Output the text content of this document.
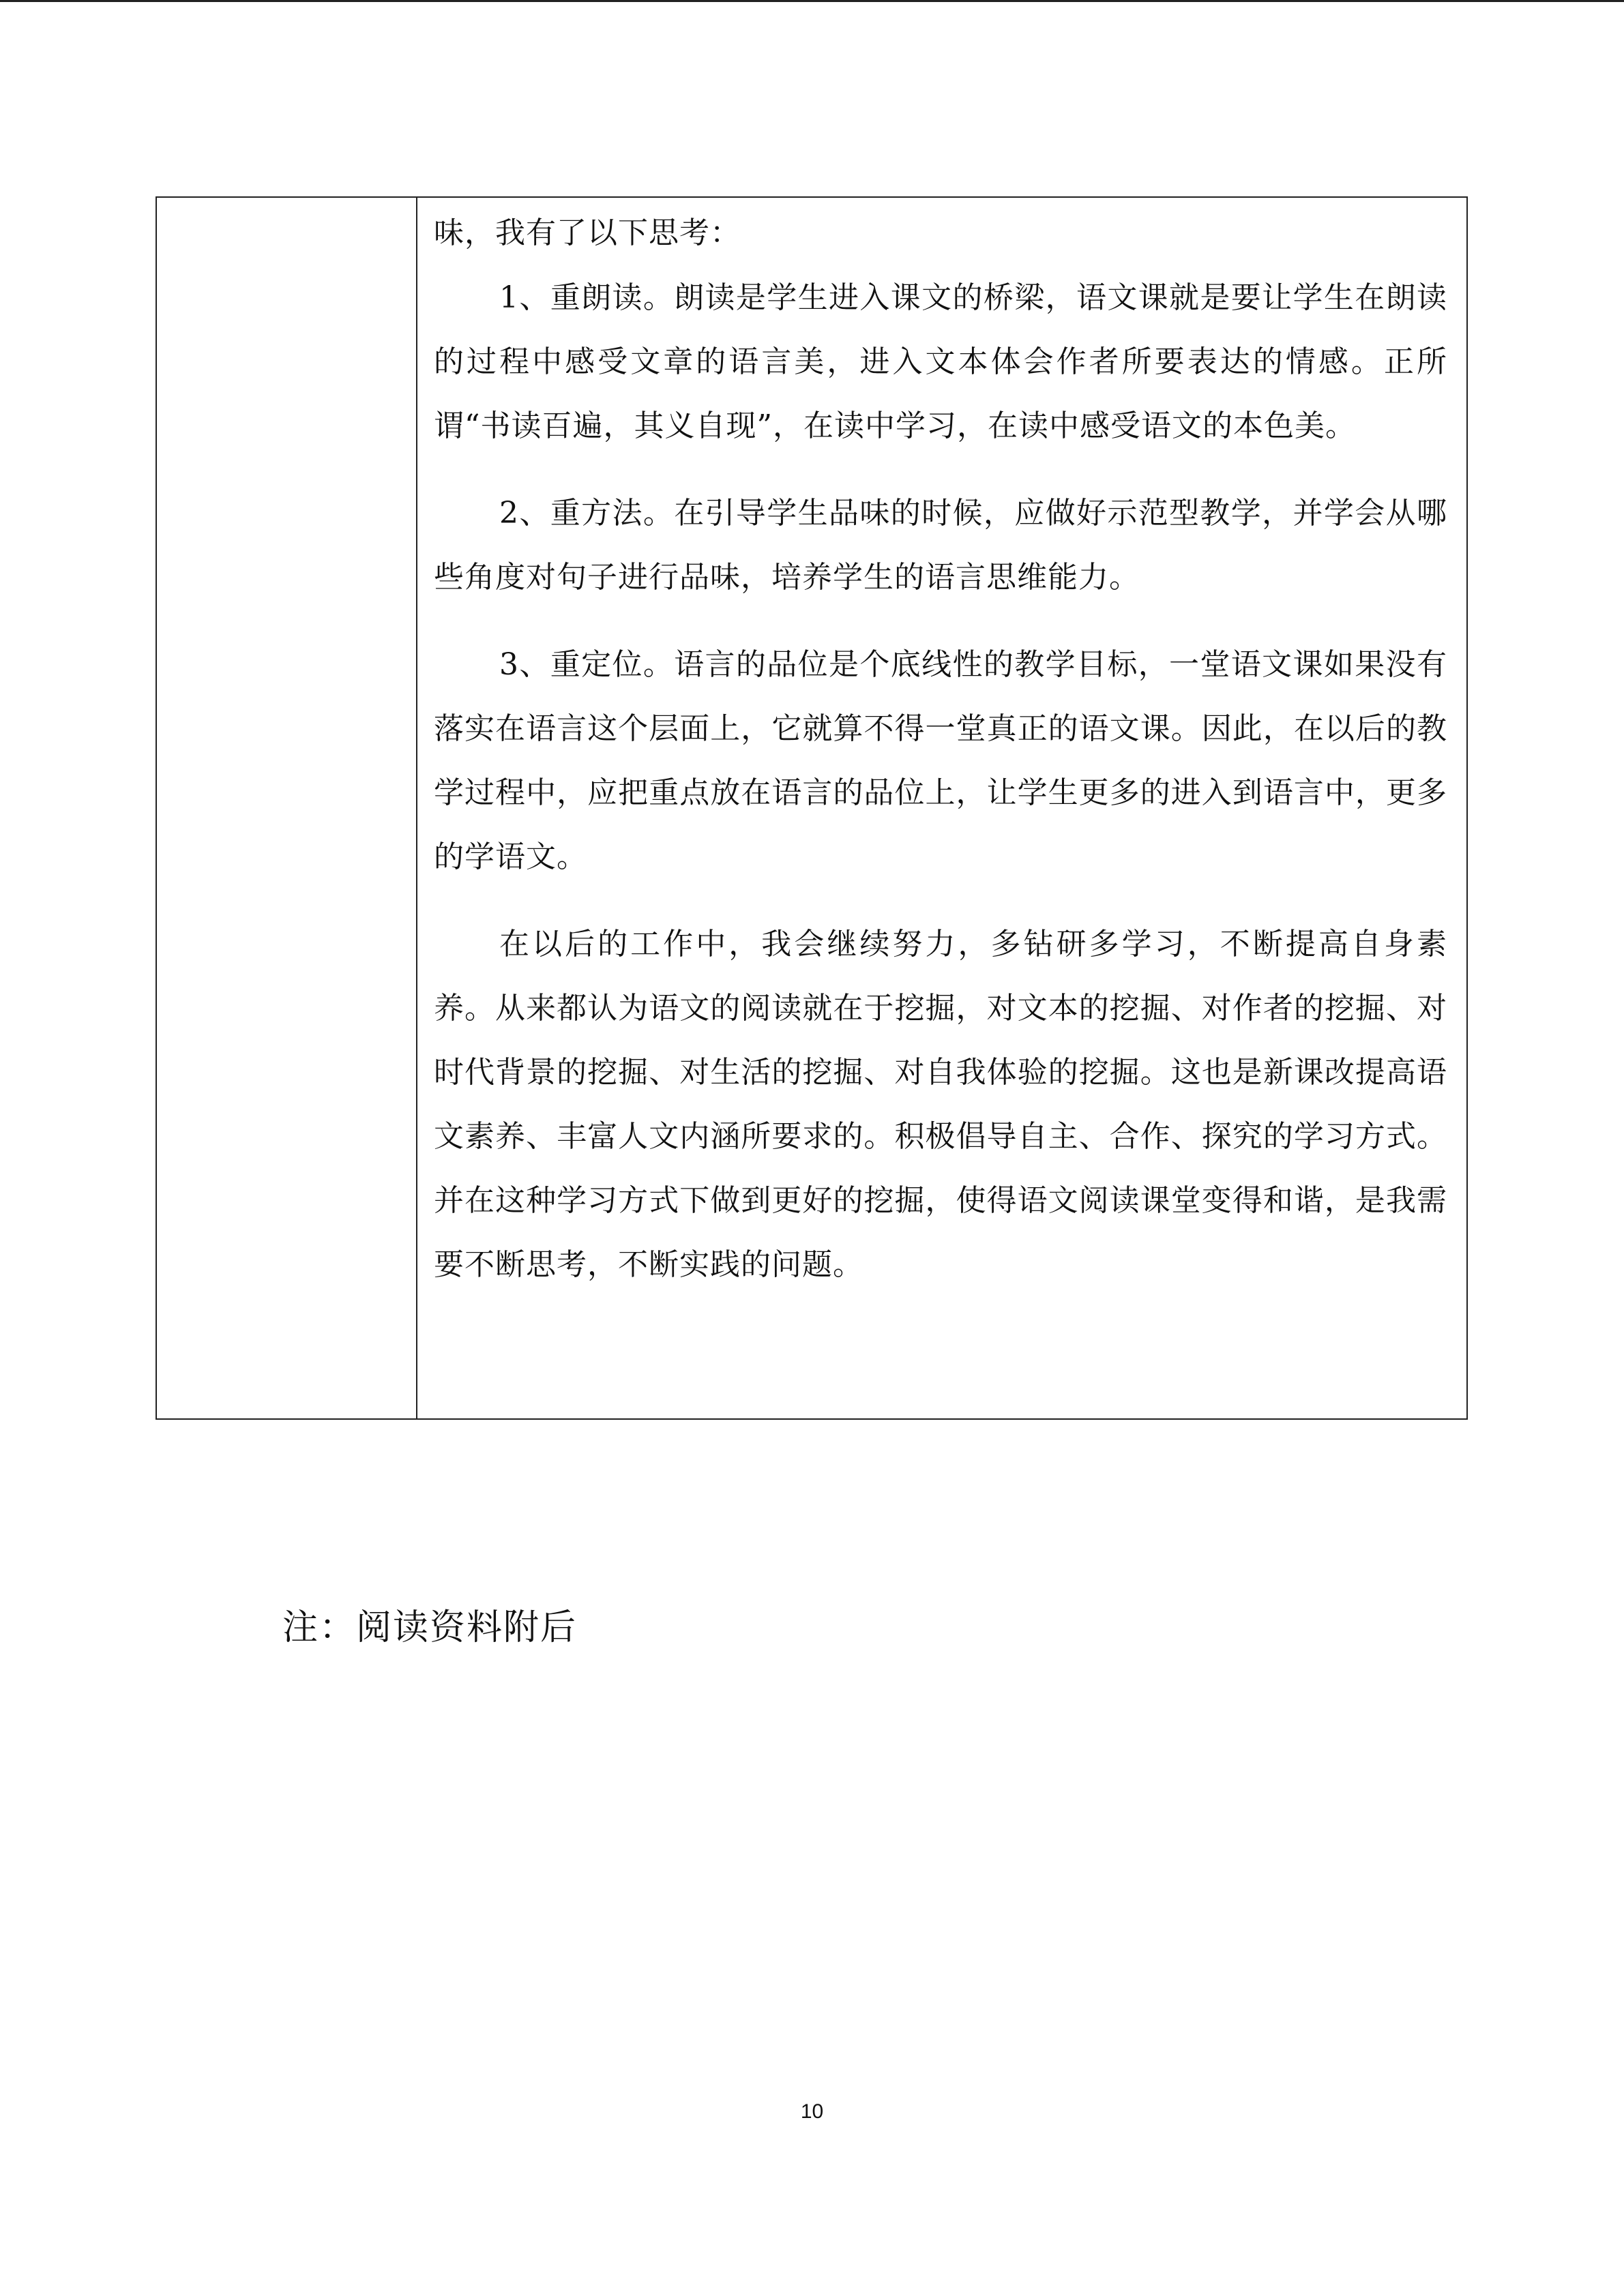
味，我有了以下思考：

1、重朗读。朗读是学生进入课文的桥梁，语文课就是要让学生在朗读的过程中感受文章的语言美，进入文本体会作者所要表达的情感。正所谓“书读百遍，其义自现”，在读中学习，在读中感受语文的本色美。

2、重方法。在引导学生品味的时候，应做好示范型教学，并学会从哪些角度对句子进行品味，培养学生的语言思维能力。

3、重定位。语言的品位是个底线性的教学目标，一堂语文课如果没有落实在语言这个层面上，它就算不得一堂真正的语文课。因此，在以后的教学过程中，应把重点放在语言的品位上，让学生更多的进入到语言中，更多的学语文。

在以后的工作中，我会继续努力，多钻研多学习，不断提高自身素养。从来都认为语文的阅读就在于挖掘，对文本的挖掘、对作者的挖掘、对时代背景的挖掘、对生活的挖掘、对自我体验的挖掘。这也是新课改提高语文素养、丰富人文内涵所要求的。积极倡导自主、合作、探究的学习方式。并在这种学习方式下做到更好的挖掘，使得语文阅读课堂变得和谐，是我需要不断思考，不断实践的问题。

注：阅读资料附后

10
